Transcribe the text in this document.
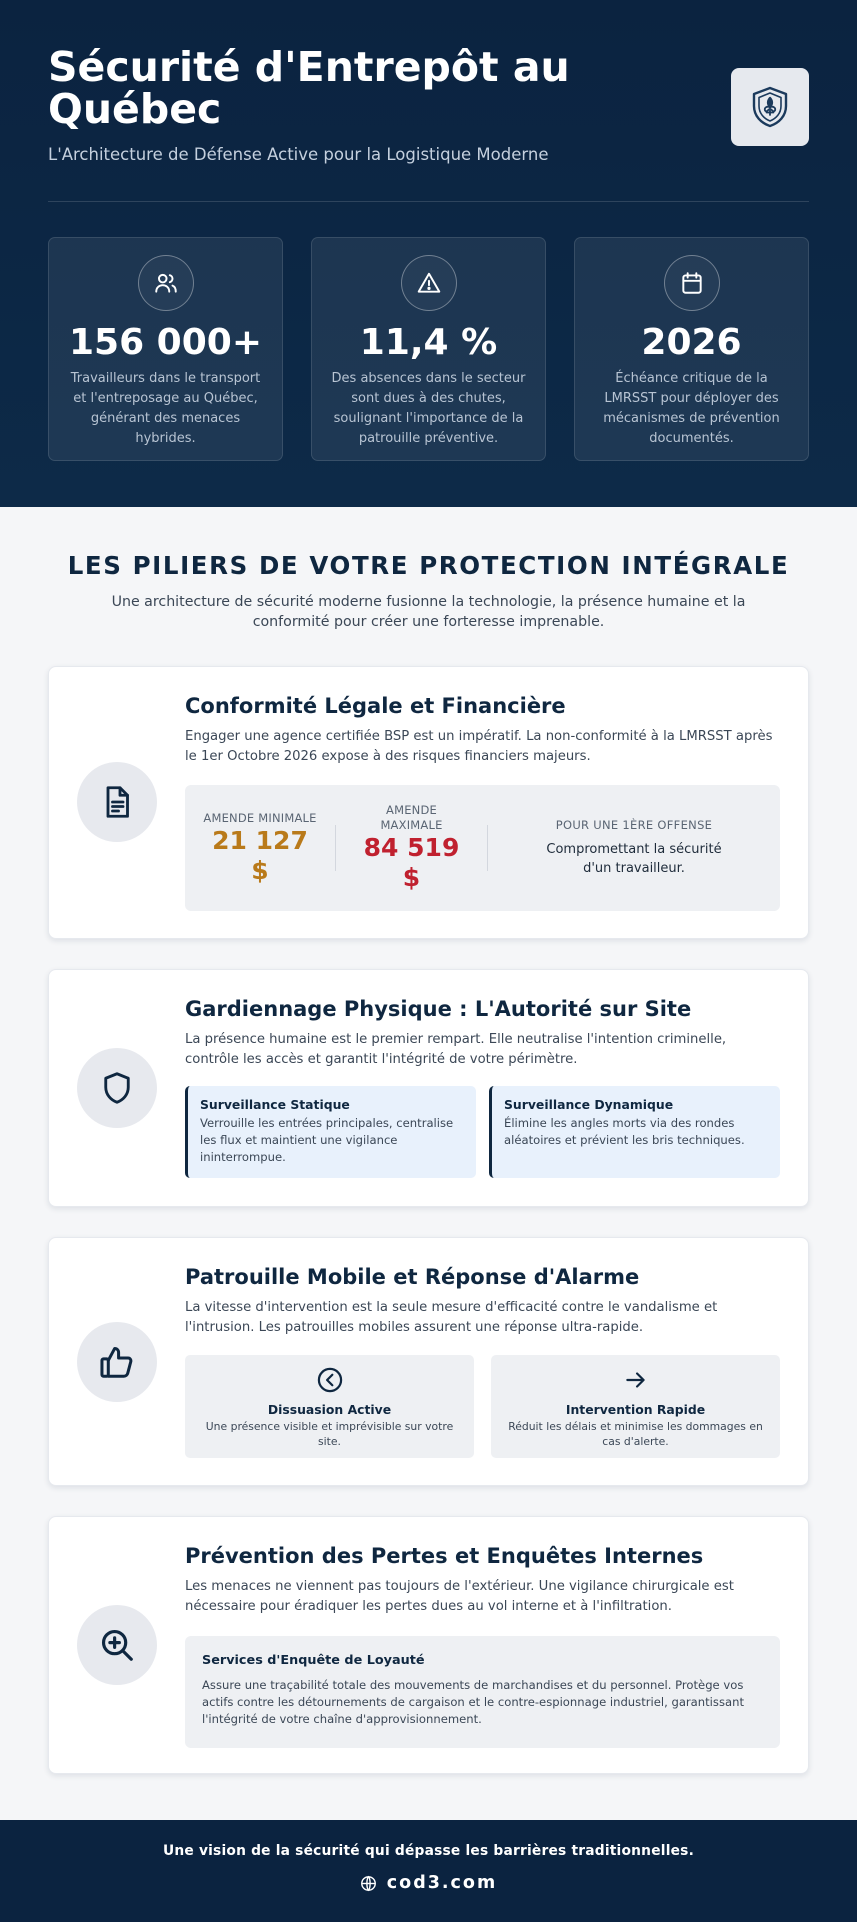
Sécurité d'Entrepôt au Québec

L'Architecture de Défense Active pour la Logistique Moderne

156 000+
Travailleurs dans le transport et l'entreposage au Québec, générant des menaces hybrides.
11,4 %
Des absences dans le secteur sont dues à des chutes, soulignant l'importance de la patrouille préventive.
2026
Échéance critique de la LMRSST pour déployer des mécanismes de prévention documentés.
LES PILIERS DE VOTRE PROTECTION INTÉGRALE

Une architecture de sécurité moderne fusionne la technologie, la présence humaine et la conformité pour créer une forteresse imprenable.

Conformité Légale et Financière

Engager une agence certifiée BSP est un impératif. La non-conformité à la LMRSST après le 1er Octobre 2026 expose à des risques financiers majeurs.

AMENDE MINIMALE
21 127 $
AMENDE MAXIMALE
84 519 $
POUR UNE 1ÈRE OFFENSE
Compromettant la sécurité d'un travailleur.
Gardiennage Physique : L'Autorité sur Site

La présence humaine est le premier rempart. Elle neutralise l'intention criminelle, contrôle les accès et garantit l'intégrité de votre périmètre.

Surveillance Statique
Verrouille les entrées principales, centralise les flux et maintient une vigilance ininterrompue.
Surveillance Dynamique
Élimine les angles morts via des rondes aléatoires et prévient les bris techniques.
Patrouille Mobile et Réponse d'Alarme

La vitesse d'intervention est la seule mesure d'efficacité contre le vandalisme et l'intrusion. Les patrouilles mobiles assurent une réponse ultra-rapide.

Dissuasion Active
Une présence visible et imprévisible sur votre site.
Intervention Rapide
Réduit les délais et minimise les dommages en cas d'alerte.
Prévention des Pertes et Enquêtes Internes

Les menaces ne viennent pas toujours de l'extérieur. Une vigilance chirurgicale est nécessaire pour éradiquer les pertes dues au vol interne et à l'infiltration.

Services d'Enquête de Loyauté
Assure une traçabilité totale des mouvements de marchandises et du personnel. Protège vos actifs contre les détournements de cargaison et le contre-espionnage industriel, garantissant l'intégrité de votre chaîne d'approvisionnement.
Une vision de la sécurité qui dépasse les barrières traditionnelles.
cod3.com
